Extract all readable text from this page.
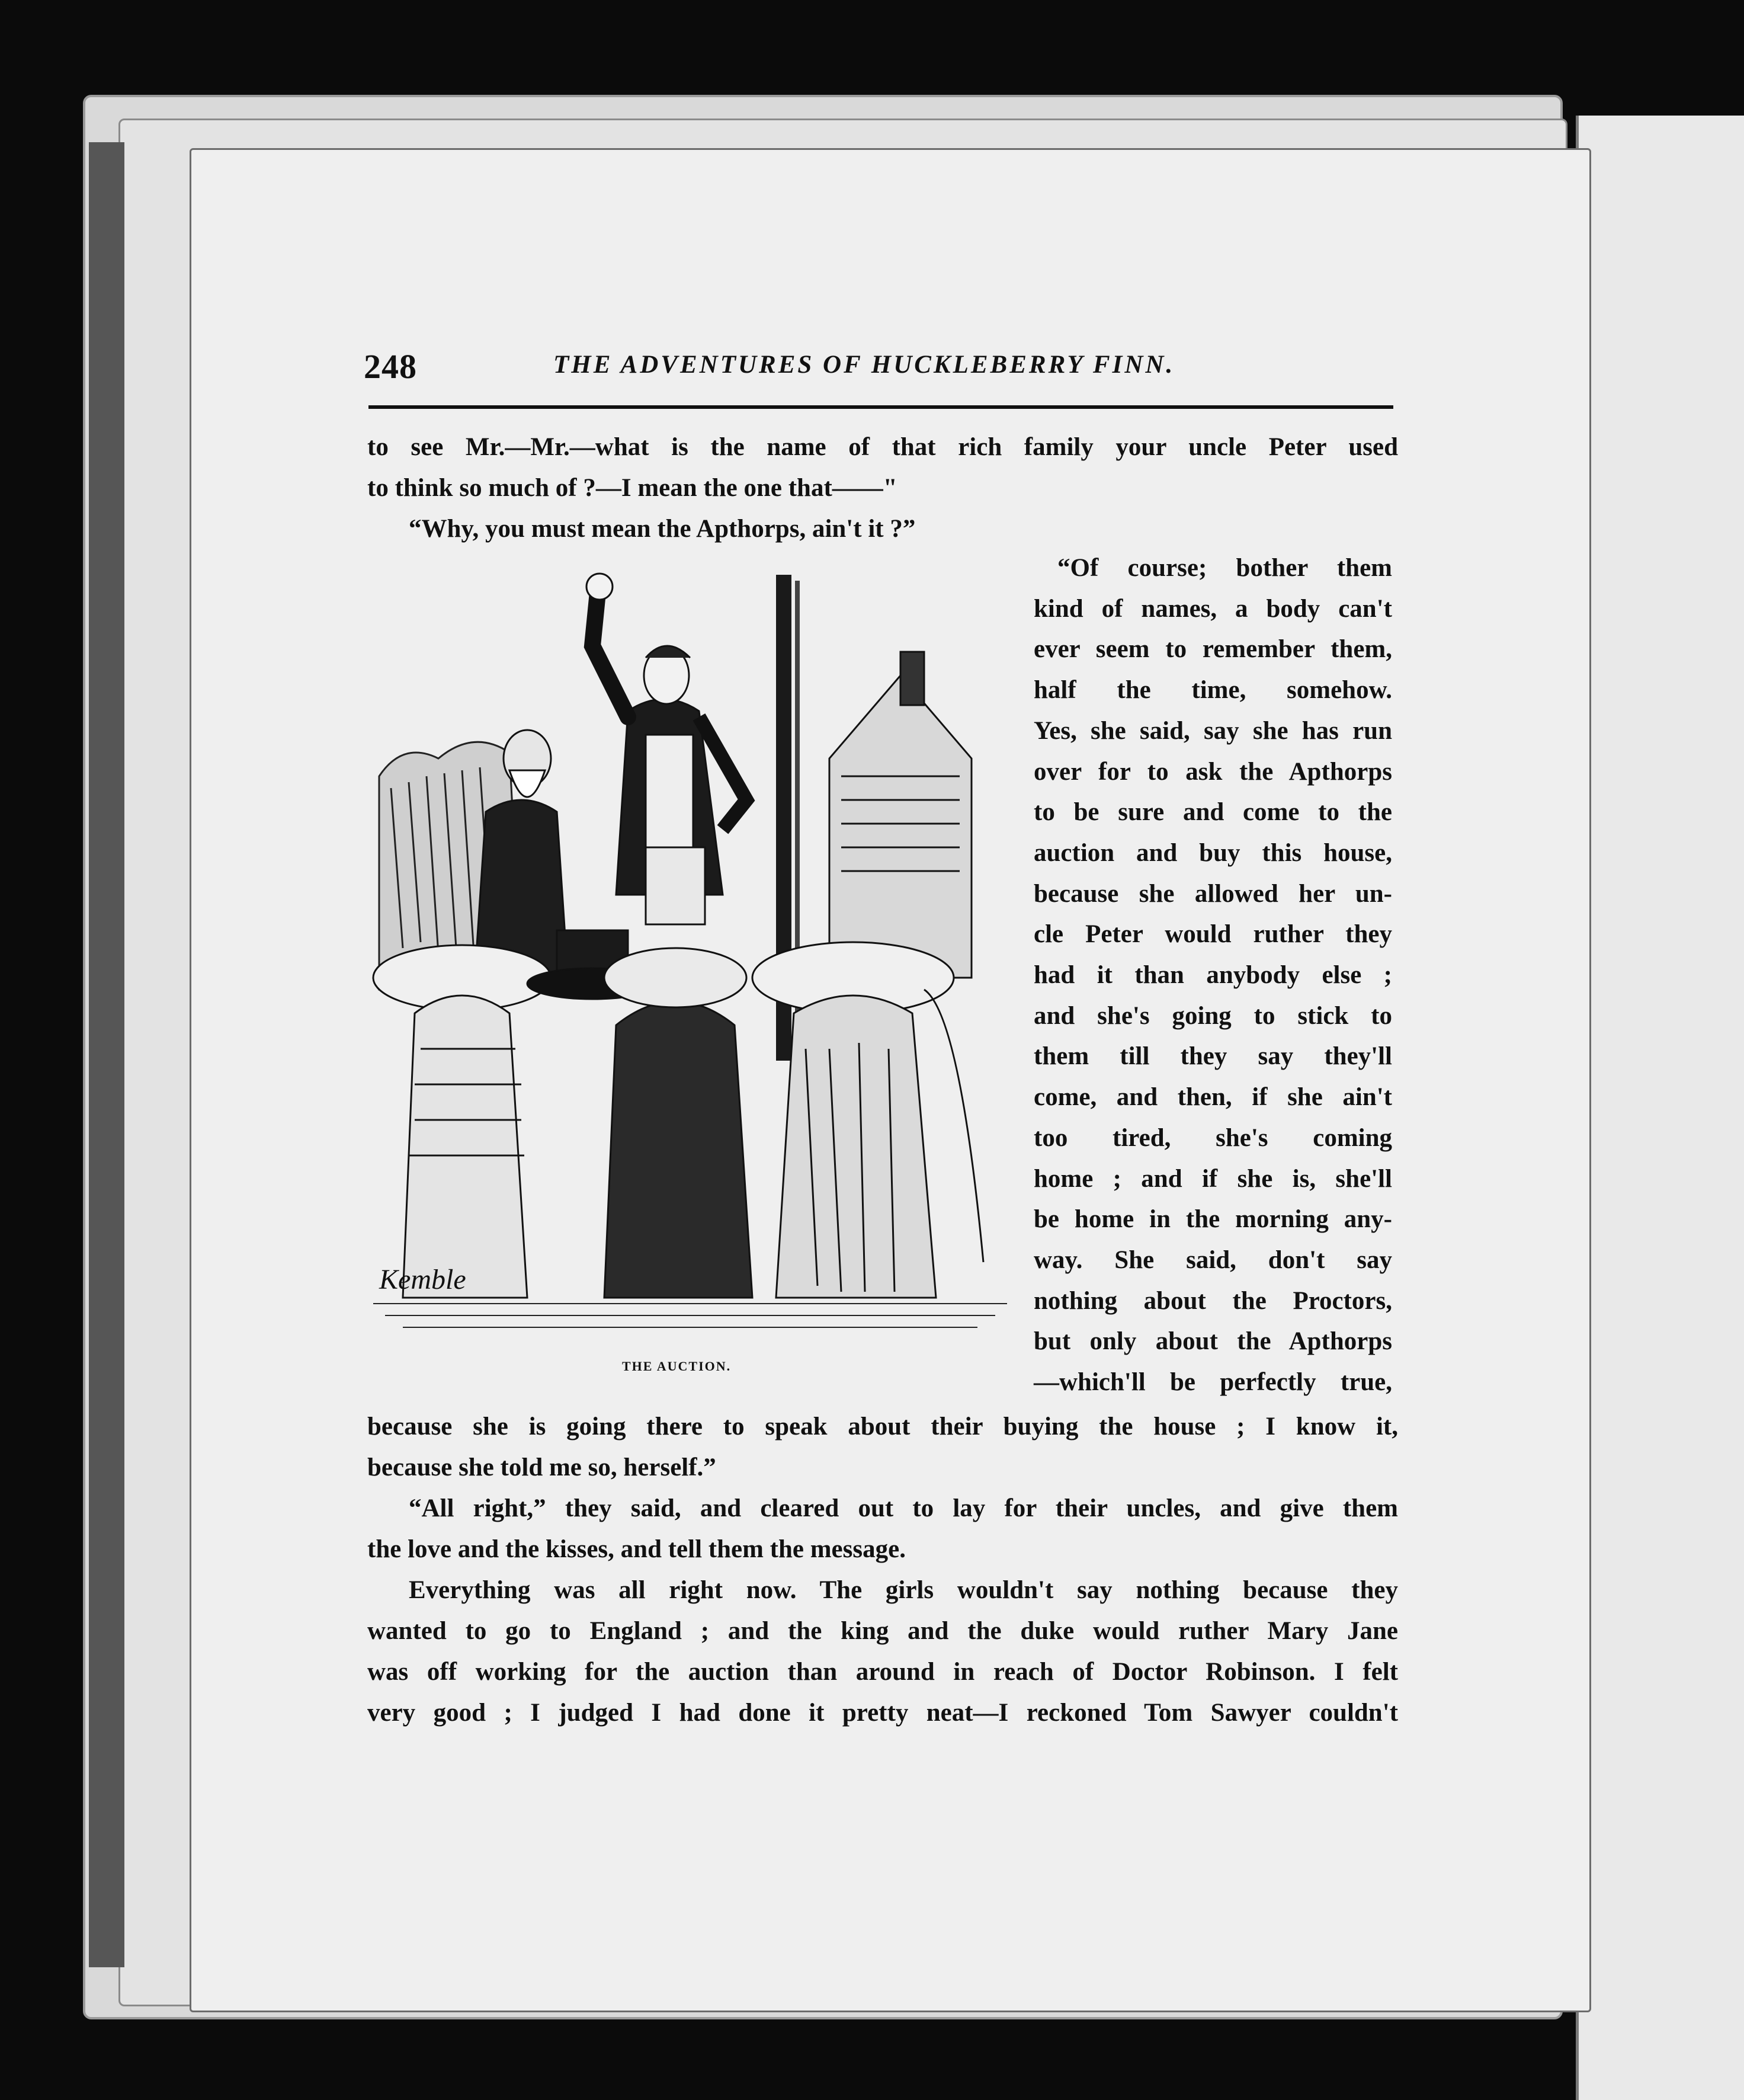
248	THE ADVENTURES OF HUCKLEBERRY FINN.
to see Mr.—Mr.—what is the name of that rich family your uncle Peter used
to think so much of ?—I mean the one that——"
“Why, you must mean the Apthorps, ain't it ?”
“Of course; bother them
kind of names, a body can't
ever seem to remember them,
half the time, somehow.
Yes, she said, say she has run
over for to ask the Apthorps
to be sure and come to the
auction and buy this house,
because she allowed her un-
cle Peter would ruther they
had it than anybody else ;
and she's going to stick to
them till they say they'll
come, and then, if she ain't
too tired, she's coming
home ; and if she is, she'll
be home in the morning any-
way. She said, don't say
nothing about the Proctors,
but only about the Apthorps
—which'll be perfectly true,
Kemble
THE AUCTION.
because she is going there to speak about their buying the house ; I know it,
because she told me so, herself.”
“All right,” they said, and cleared out to lay for their uncles, and give them
the love and the kisses, and tell them the message.
Everything was all right now. The girls wouldn't say nothing because they
wanted to go to England ; and the king and the duke would ruther Mary Jane
was off working for the auction than around in reach of Doctor Robinson. I felt
very good ; I judged I had done it pretty neat—I reckoned Tom Sawyer couldn't
